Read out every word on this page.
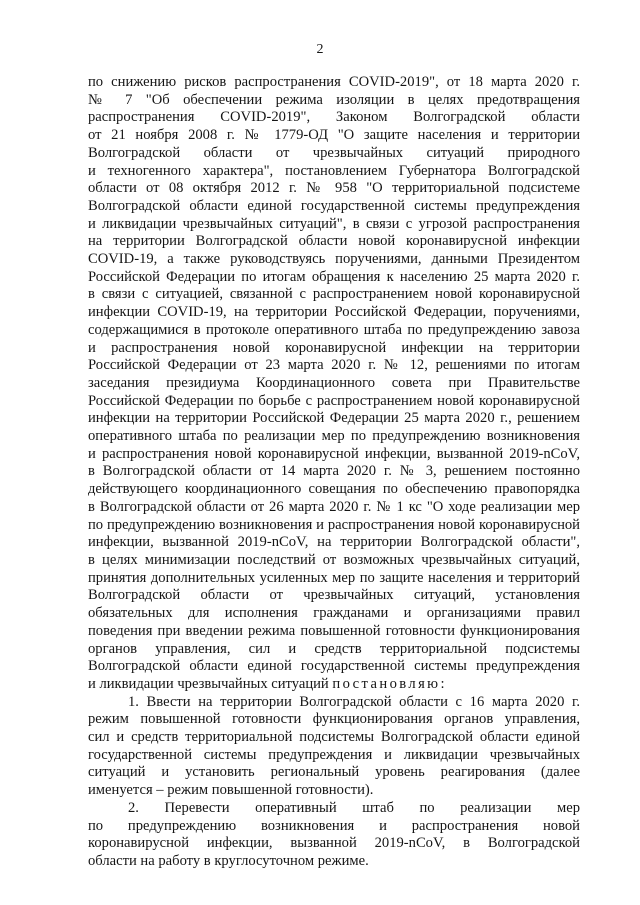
2
по снижению рисков распространения COVID-2019", от 18 марта 2020 г.
№ 7 "Об обеспечении режима изоляции в целях предотвращения
распространения COVID-2019", Законом Волгоградской области
от 21 ноября 2008 г. № 1779-ОД "О защите населения и территории
Волгоградской области от чрезвычайных ситуаций природного
и техногенного характера", постановлением Губернатора Волгоградской
области от 08 октября 2012 г. № 958 "О территориальной подсистеме
Волгоградской области единой государственной системы предупреждения
и ликвидации чрезвычайных ситуаций", в связи с угрозой распространения
на территории Волгоградской области новой коронавирусной инфекции
COVID-19, а также руководствуясь поручениями, данными Президентом
Российской Федерации по итогам обращения к населению 25 марта 2020 г.
в связи с ситуацией, связанной с распространением новой коронавирусной
инфекции COVID-19, на территории Российской Федерации, поручениями,
содержащимися в протоколе оперативного штаба по предупреждению завоза
и распространения новой коронавирусной инфекции на территории
Российской Федерации от 23 марта 2020 г. № 12, решениями по итогам
заседания президиума Координационного совета при Правительстве
Российской Федерации по борьбе с распространением новой коронавирусной
инфекции на территории Российской Федерации 25 марта 2020 г., решением
оперативного штаба по реализации мер по предупреждению возникновения
и распространения новой коронавирусной инфекции, вызванной 2019-nCoV,
в Волгоградской области от 14 марта 2020 г. № 3, решением постоянно
действующего координационного совещания по обеспечению правопорядка
в Волгоградской области от 26 марта 2020 г. № 1 кс "О ходе реализации мер
по предупреждению возникновения и распространения новой коронавирусной
инфекции, вызванной 2019-nCoV, на территории Волгоградской области",
в целях минимизации последствий от возможных чрезвычайных ситуаций,
принятия дополнительных усиленных мер по защите населения и территорий
Волгоградской области от чрезвычайных ситуаций, установления
обязательных для исполнения гражданами и организациями правил
поведения при введении режима повышенной готовности функционирования
органов управления, сил и средств территориальной подсистемы
Волгоградской области единой государственной системы предупреждения
и ликвидации чрезвычайных ситуаций постановляю:
1. Ввести на территории Волгоградской области с 16 марта 2020 г.
режим повышенной готовности функционирования органов управления,
сил и средств территориальной подсистемы Волгоградской области единой
государственной системы предупреждения и ликвидации чрезвычайных
ситуаций и установить региональный уровень реагирования (далее
именуется – режим повышенной готовности).
2. Перевести оперативный штаб по реализации мер
по предупреждению возникновения и распространения новой
коронавирусной инфекции, вызванной 2019-nCoV, в Волгоградской
области на работу в круглосуточном режиме.
